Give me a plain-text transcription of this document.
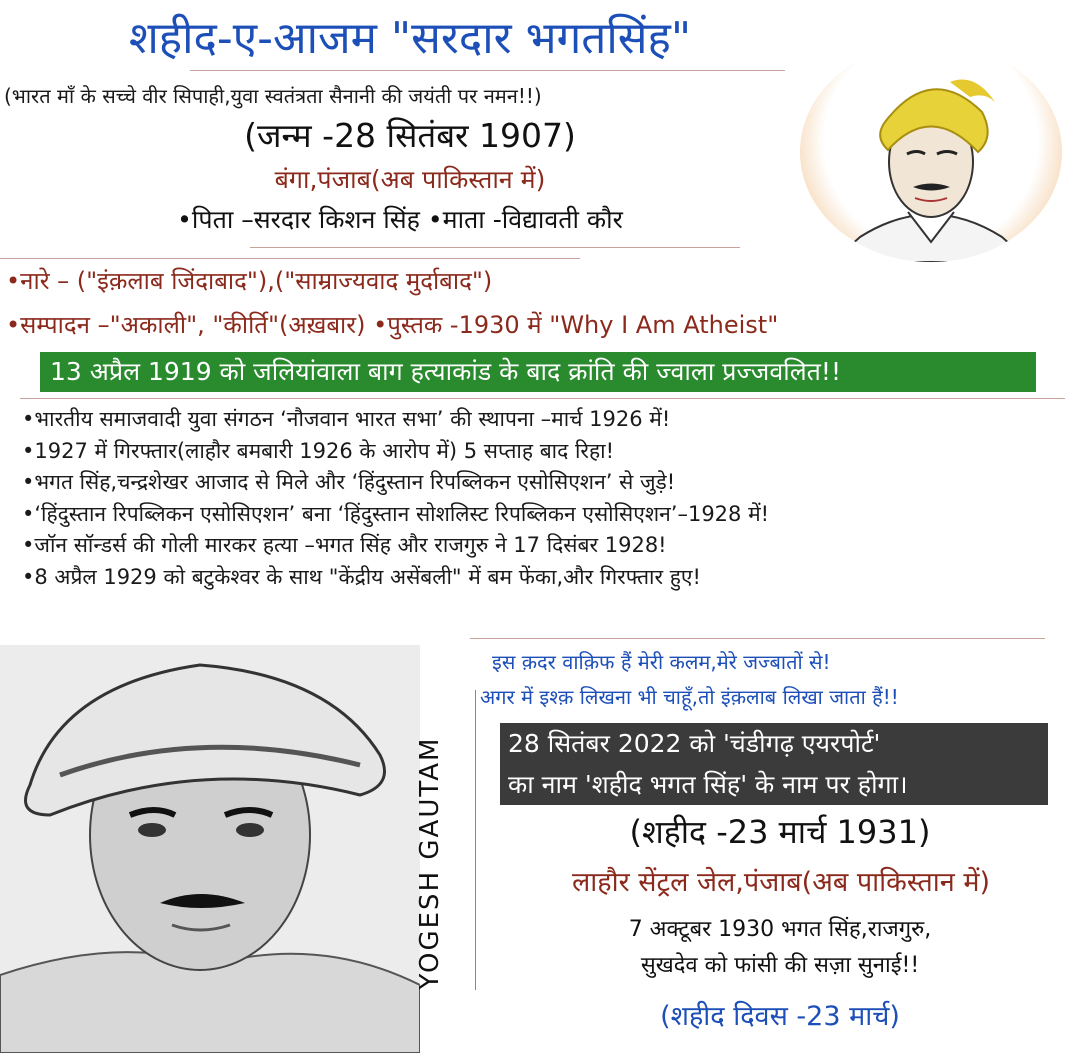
शहीद-ए-आजम "सरदार भगतसिंह"
(भारत माँ के सच्चे वीर सिपाही,युवा स्वतंत्रता सैनानी की जयंती पर नमन!!)
(जन्म -28 सितंबर 1907)
बंगा,पंजाब(अब पाकिस्तान में)
•पिता –सरदार किशन सिंह •माता -विद्यावती कौर
•नारे – ("इंक़लाब जिंदाबाद"),("साम्राज्यवाद मुर्दाबाद")
•सम्पादन –"अकाली", "कीर्ति"(अख़बार) •पुस्तक -1930 में "Why I Am Atheist"
13 अप्रैल 1919 को जलियांवाला बाग हत्याकांड के बाद क्रांति की ज्वाला प्रज्जवलित!!
•भारतीय समाजवादी युवा संगठन ‘नौजवान भारत सभा’ की स्थापना –मार्च 1926 में!
•1927 में गिरफ्तार(लाहौर बमबारी 1926 के आरोप में) 5 सप्ताह बाद रिहा!
•भगत सिंह,चन्द्रशेखर आजाद से मिले और ‘हिंदुस्तान रिपब्लिकन एसोसिएशन’ से जुड़े!
•‘हिंदुस्तान रिपब्लिकन एसोसिएशन’ बना ‘हिंदुस्तान सोशलिस्ट रिपब्लिकन एसोसिएशन’–1928 में!
•जॉन सॉन्डर्स की गोली मारकर हत्या –भगत सिंह और राजगुरु ने 17 दिसंबर 1928!
•8 अप्रैल 1929 को बटुकेश्वर के साथ "केंद्रीय असेंबली" में बम फेंका,और गिरफ्तार हुए!
YOGESH GAUTAM
इस क़दर वाक़िफ हैं मेरी कलम,मेरे जज्बातों से!
अगर में इश्क़ लिखना भी चाहूँ,तो इंक़लाब लिखा जाता हैं!!
28 सितंबर 2022 को 'चंडीगढ़ एयरपोर्ट'
का नाम 'शहीद भगत सिंह' के नाम पर होगा।
(शहीद -23 मार्च 1931)
लाहौर सेंट्रल जेल,पंजाब(अब पाकिस्तान में)
7 अक्टूबर 1930 भगत सिंह,राजगुरु,
सुखदेव को फांसी की सज़ा सुनाई!!
(शहीद दिवस -23 मार्च)
